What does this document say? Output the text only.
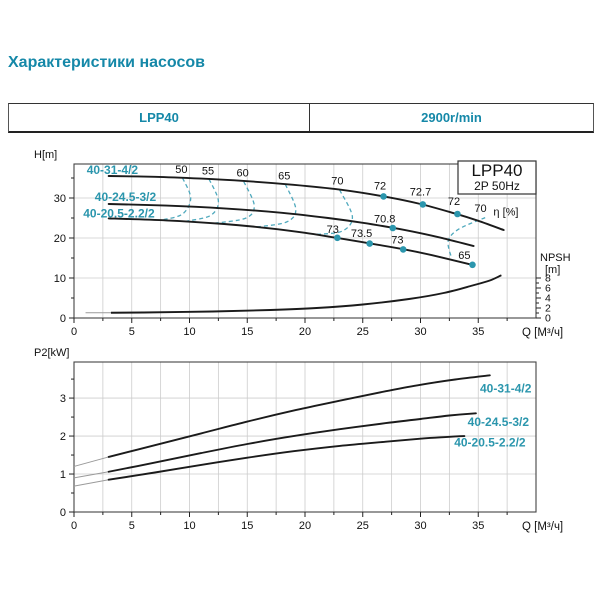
Характеристики насосов
LPP40	2900r/min
0	5	10	15	20	25	30	35	Q [М³/ч]
0
10
20
30
H[m]
40-31-4/2
40-24.5-3/2
40-20.5-2.2/2
50 55 60	65	70	72 72.7
72
70 η [%]
70.8
73 73.5
73
65
0
2
4
6
8
NPSH
[m]
LPP40
2P 50Hz
0	5	10	15	20	25	30	35	Q [М³/ч]
0
1
2
3
P2[kW]
40-31-4/2
40-24.5-3/2
40-20.5-2.2/2
